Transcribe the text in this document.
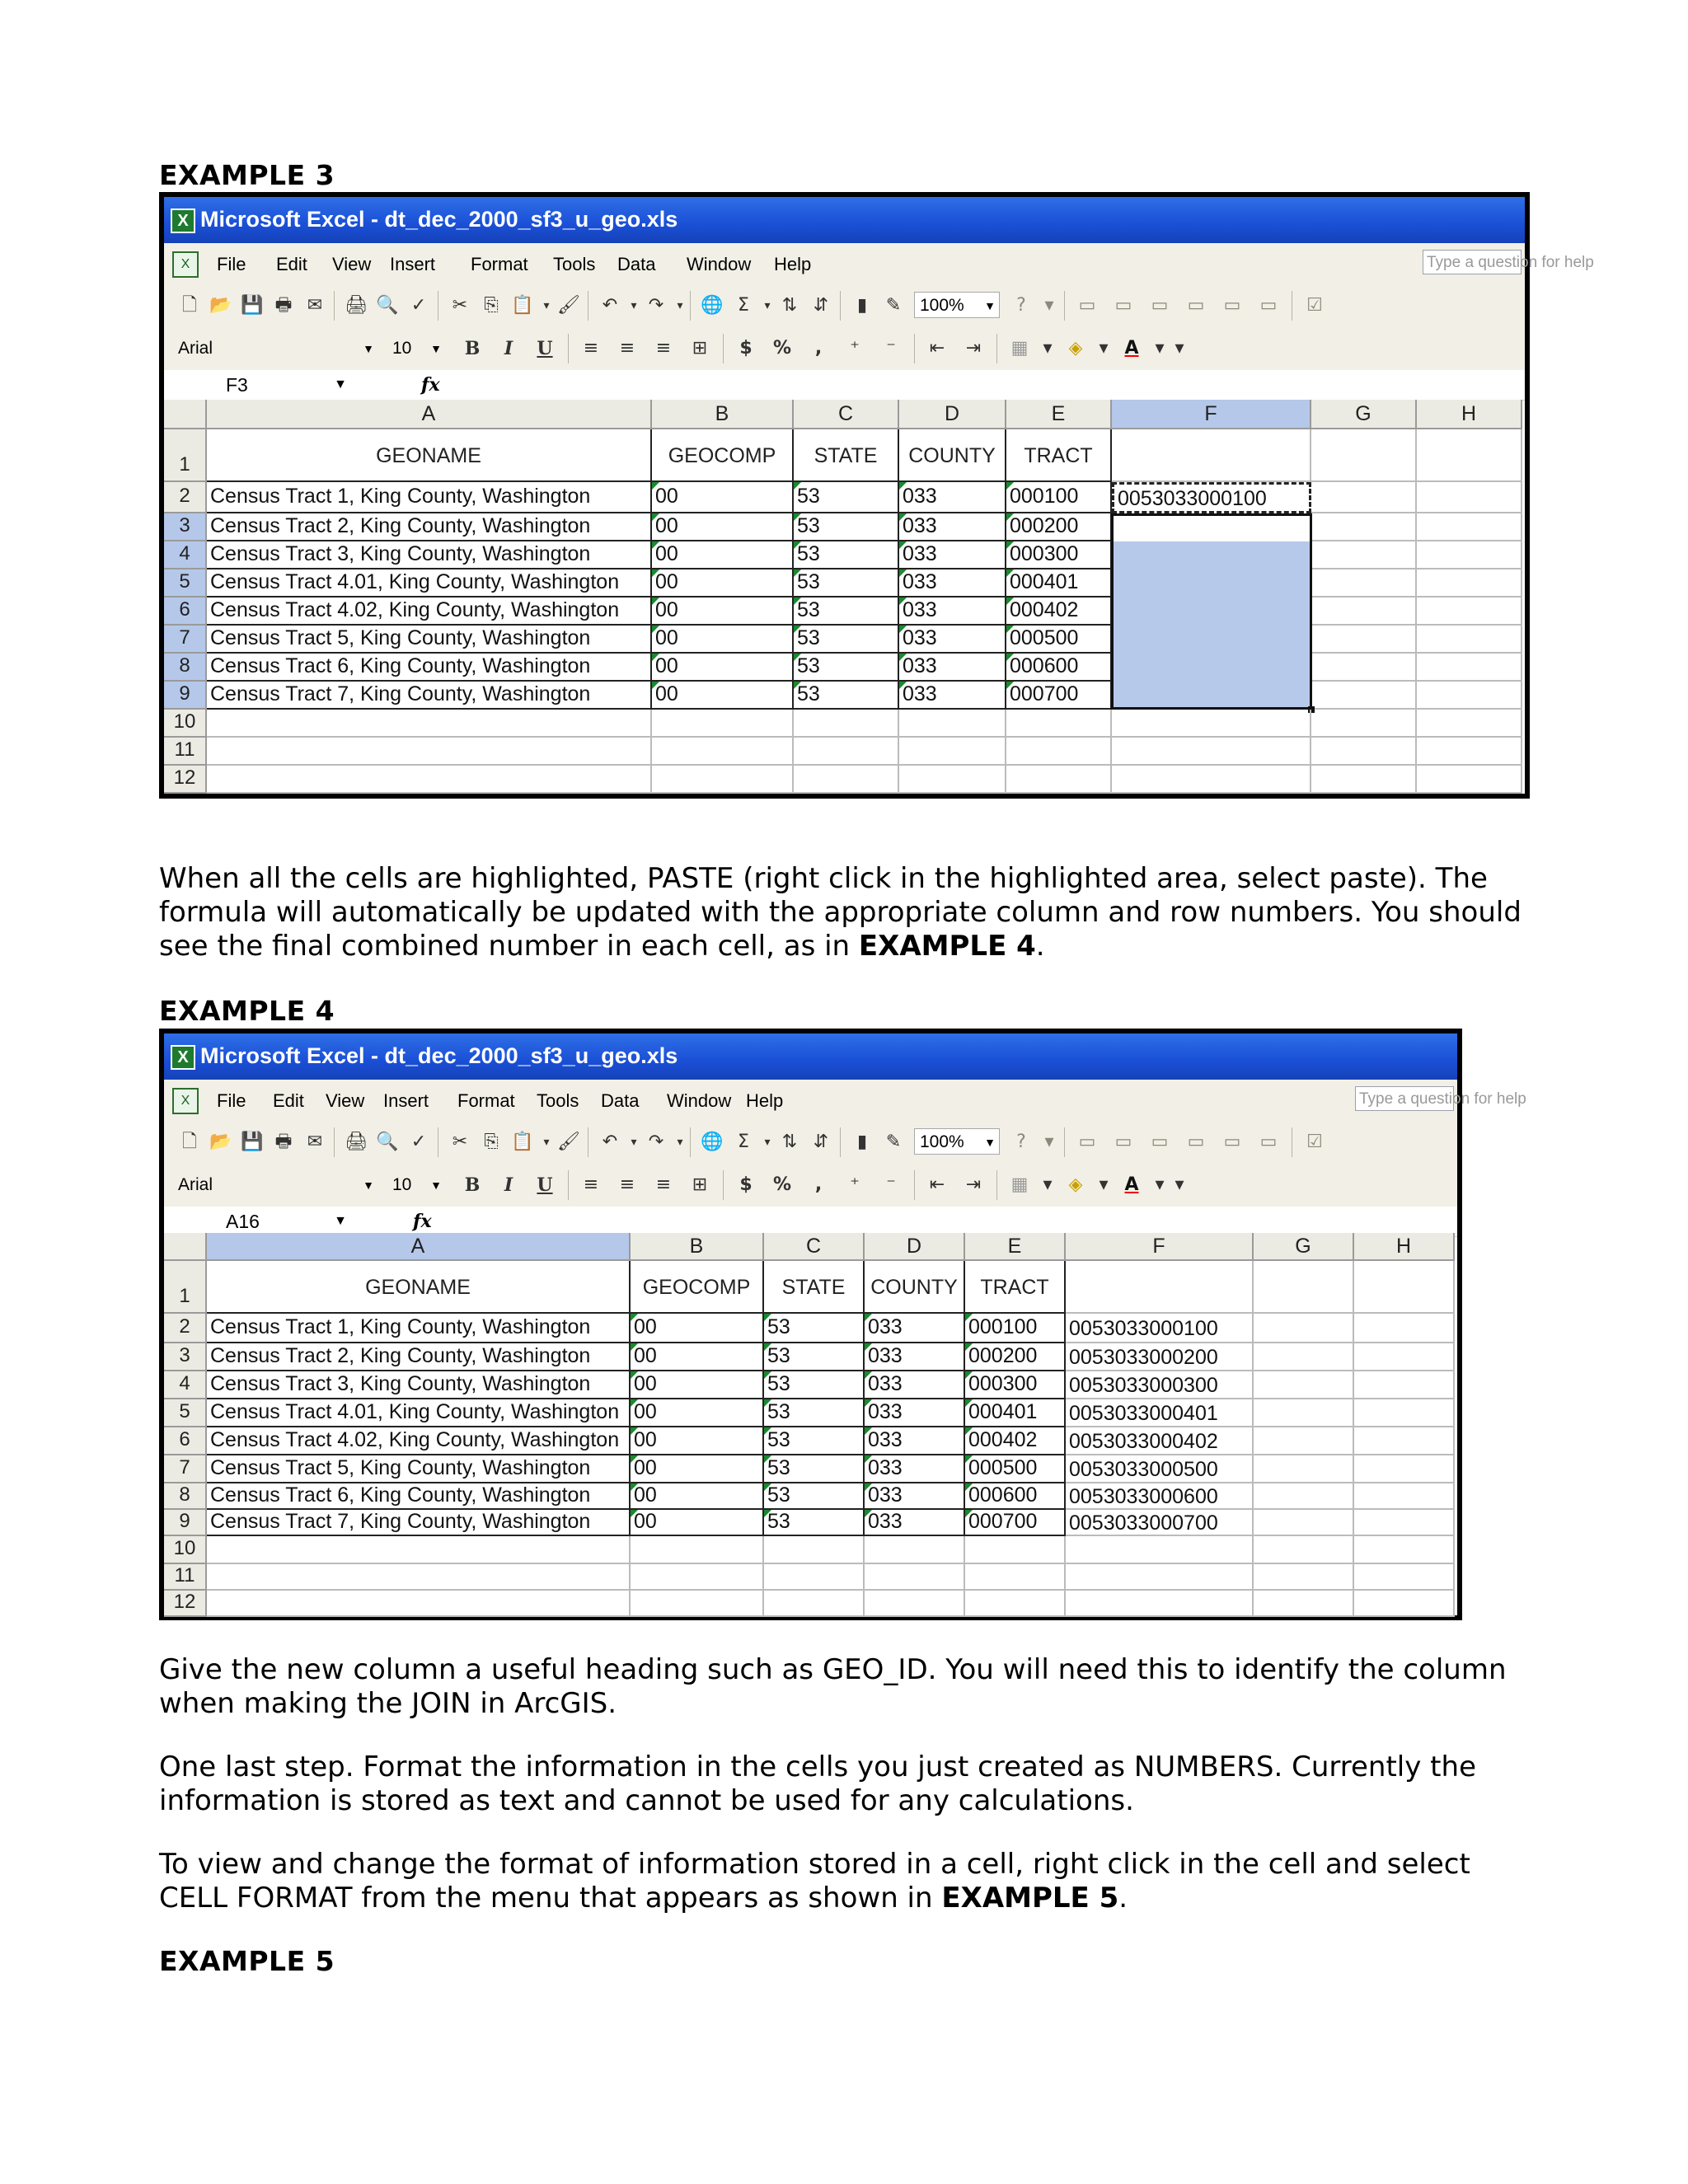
EXAMPLE 3
X Microsoft Excel - dt_dec_2000_sf3_u_geo.xls
X	File Edit View Insert Format Tools Data Window Help	Type a question for help
🗋 📂 💾 🖶 ✉	🖨 🔍 ✓	✂ ⎘ 📋 ▾ 🖌	↶	▾ ↷	▾ 🌐 Σ	▾ ⇅ ⇵	▮	✎	100% ▼	?	▾	▭	▭	▭	▭	▭	▭	☑
Arial	▼	10 ▼	B	I	U	≡	≡	≡	⊞	$	%	,	⁺	⁻	⇤	⇥	▦ ▾ ◈ ▾ A ▾ ▾
F3	▼	fx
A	B	C	D	E	F	G	H
1
2
3
4
5
6
7
8
9
10
11
12
GEONAME	GEOCOMP	STATE	COUNTY	TRACT
Census Tract 1, King County, Washington	00	53	033	000100	0053033000100
Census Tract 2, King County, Washington	00	53	033	000200
Census Tract 3, King County, Washington	00	53	033	000300
Census Tract 4.01, King County, Washington	00	53	033	000401
Census Tract 4.02, King County, Washington	00	53	033	000402
Census Tract 5, King County, Washington	00	53	033	000500
Census Tract 6, King County, Washington	00	53	033	000600
Census Tract 7, King County, Washington	00	53	033	000700
When all the cells are highlighted, PASTE (right click in the highlighted area, select paste). The formula will automatically be updated with the appropriate column and row numbers. You should see the final combined number in each cell, as in EXAMPLE 4.
EXAMPLE 4
X Microsoft Excel - dt_dec_2000_sf3_u_geo.xls
X	File Edit View Insert Format Tools Data Window Help	Type a question for help
🗋 📂 💾 🖶 ✉	🖨 🔍 ✓	✂ ⎘ 📋 ▾ 🖌	↶	▾ ↷	▾ 🌐 Σ	▾ ⇅ ⇵	▮	✎	100% ▼	?	▾	▭	▭	▭	▭	▭	▭	☑
Arial	▼	10 ▼	B	I	U	≡	≡	≡	⊞	$	%	,	⁺	⁻	⇤	⇥	▦ ▾ ◈ ▾ A ▾ ▾
A16	▼	fx
A	B	C	D	E	F	G	H
1
2
3
4
5
6
7
8
9
10
11
12
GEONAME	GEOCOMP	STATE	COUNTY	TRACT
Census Tract 1, King County, Washington	00	53	033	000100	0053033000100
Census Tract 2, King County, Washington	00	53	033	000200	0053033000200
Census Tract 3, King County, Washington	00	53	033	000300	0053033000300
Census Tract 4.01, King County, Washington 00	53	033	000401	0053033000401
Census Tract 4.02, King County, Washington 00	53	033	000402	0053033000402
Census Tract 5, King County, Washington	00	53	033	000500	0053033000500
Census Tract 6, King County, Washington	00	53	033	000600	0053033000600
Census Tract 7, King County, Washington	00	53	033	000700	0053033000700
Give the new column a useful heading such as GEO_ID. You will need this to identify the column when making the JOIN in ArcGIS.
One last step. Format the information in the cells you just created as NUMBERS. Currently the information is stored as text and cannot be used for any calculations.
To view and change the format of information stored in a cell, right click in the cell and select CELL FORMAT from the menu that appears as shown in EXAMPLE 5.
EXAMPLE 5
